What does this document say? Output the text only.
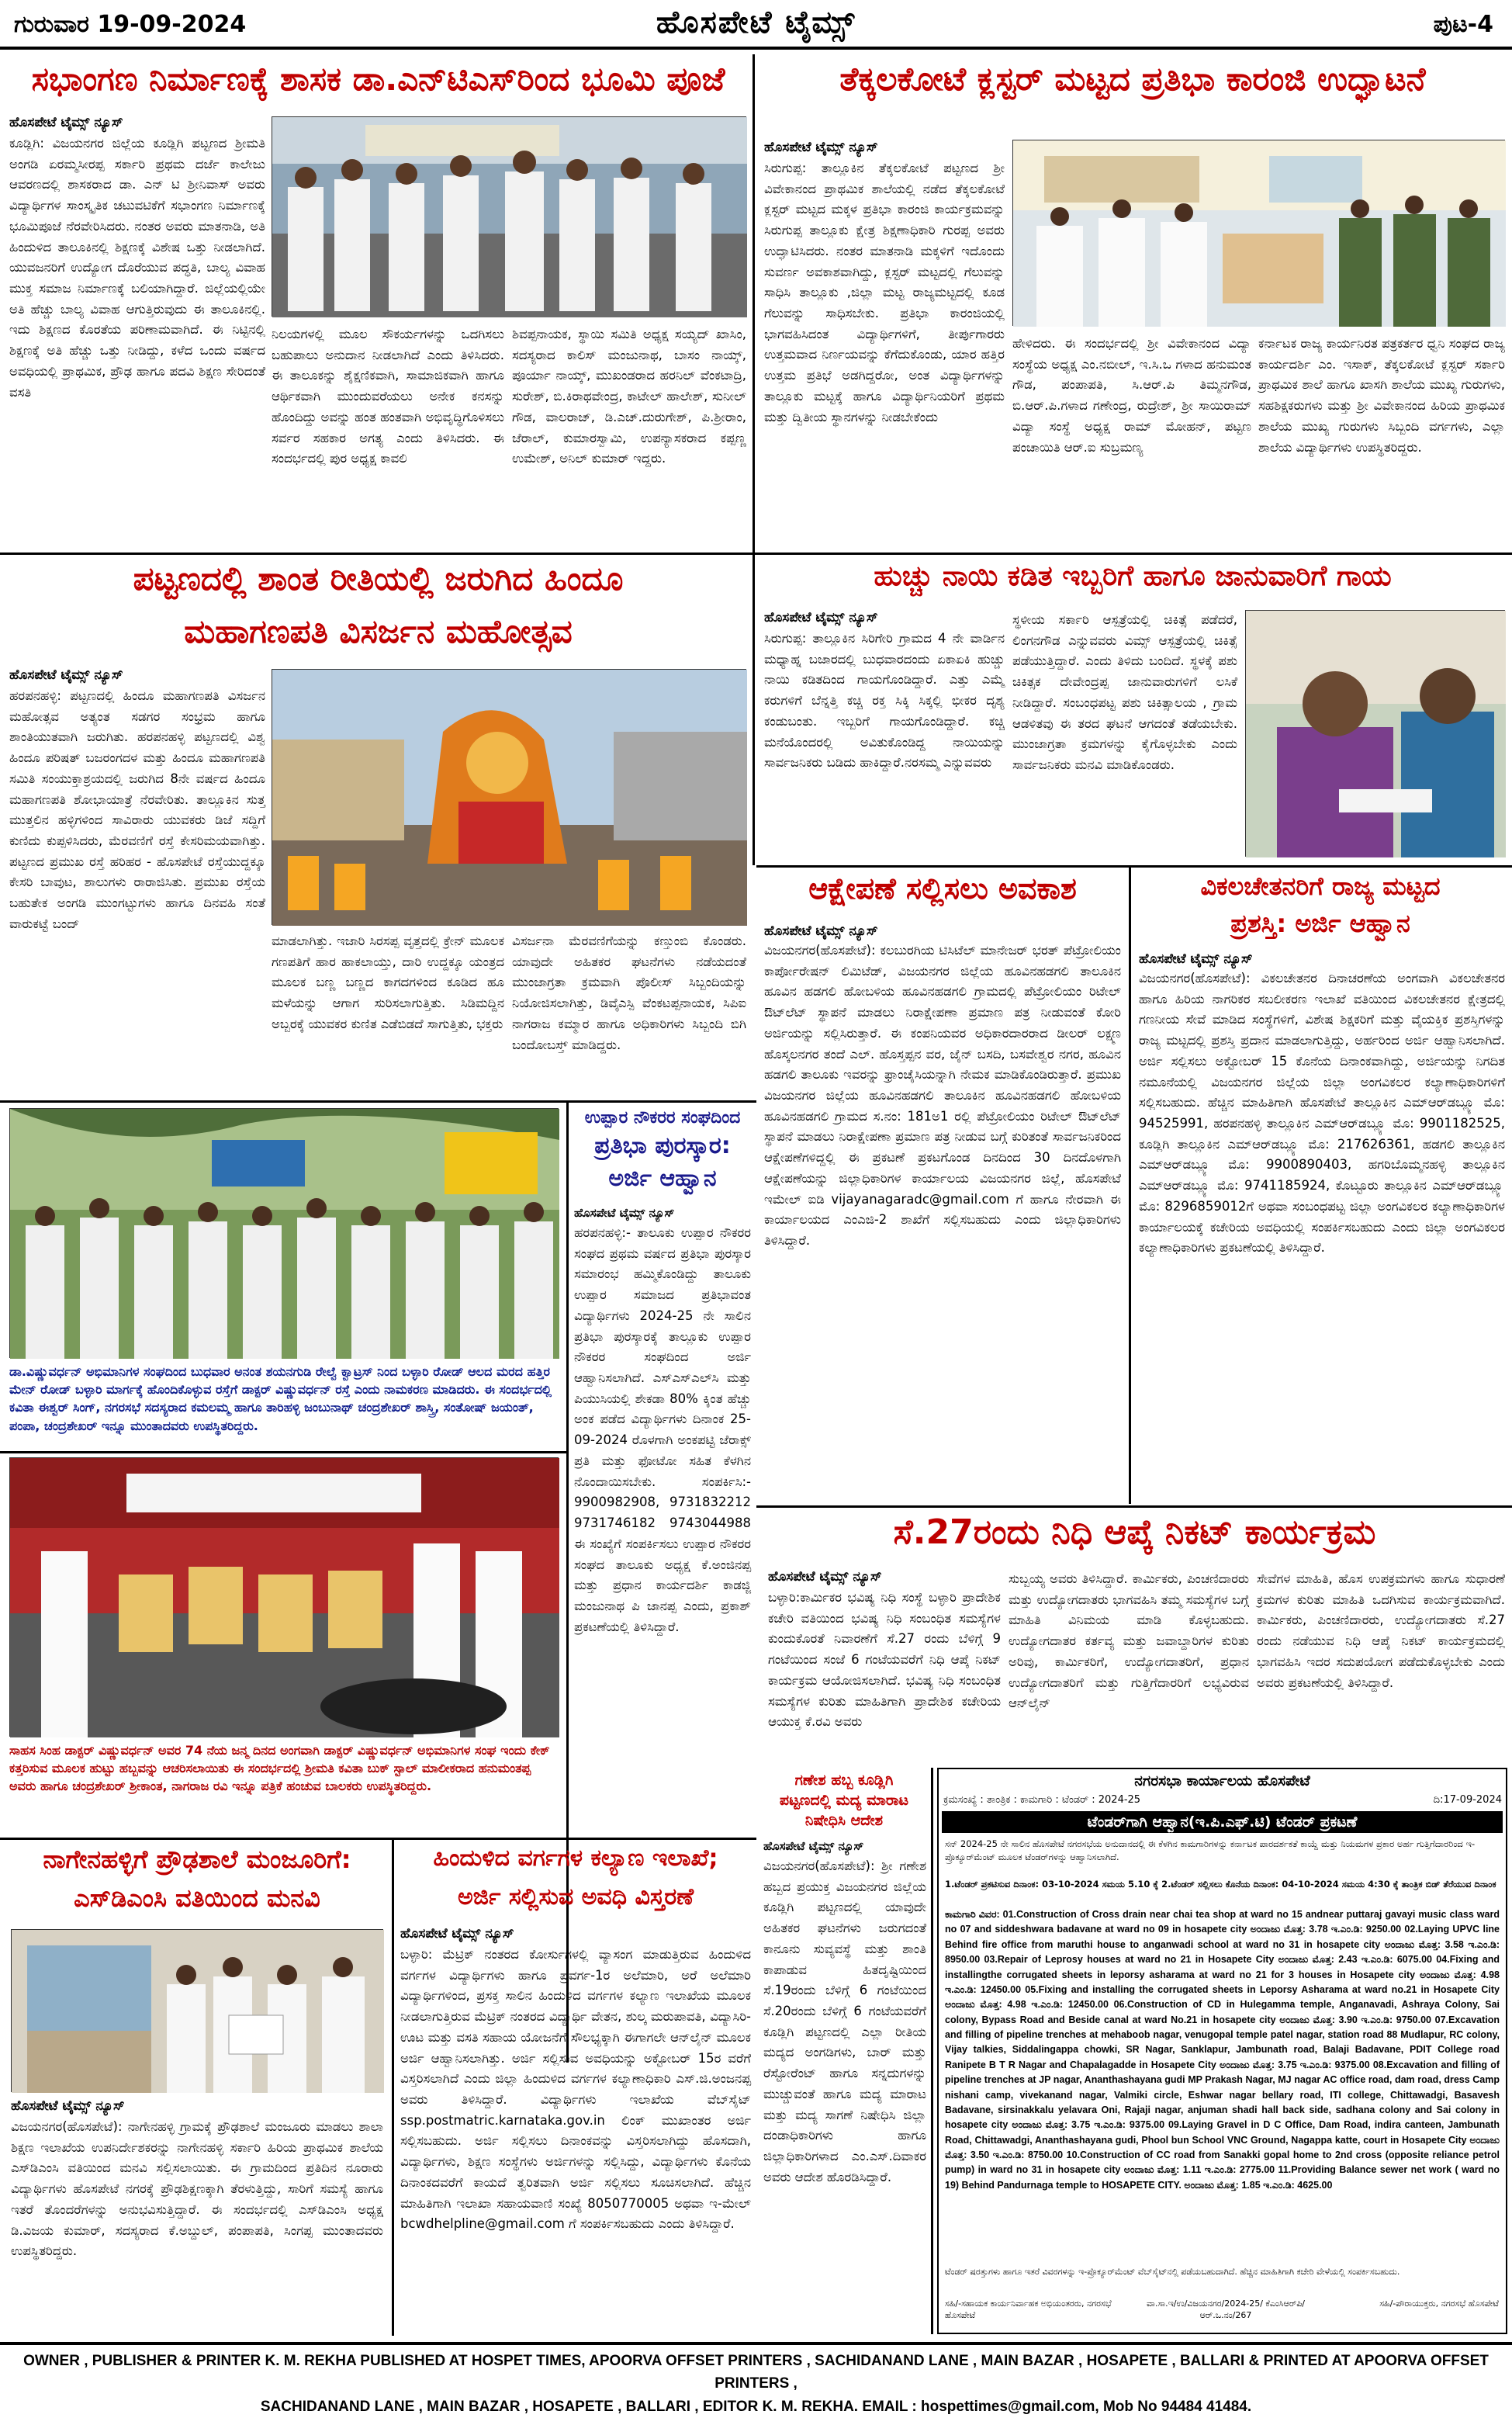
ಹೊಸಪೇಟೆ ಟೈಮ್ಸ್
ಗುರುವಾರ 19-09-2024	ಪುಟ-4
ಸಭಾಂಗಣ ನಿರ್ಮಾಣಕ್ಕೆ ಶಾಸಕ ಡಾ.ಎನ್‌ಟಿಎಸ್‌ರಿಂದ ಭೂಮಿ ಪೂಜೆ
ಹೊಸಪೇಟೆ ಟೈಮ್ಸ್ ನ್ಯೂಸ್
ಕೂಡ್ಲಿಗಿ: ವಿಜಯನಗರ ಜಿಲ್ಲೆಯ ಕೂಡ್ಲಿಗಿ ಪಟ್ಟಣದ ಶ್ರೀಮತಿ ಅಂಗಡಿ ಏರಮ್ಮಸೀರಪ್ಪ ಸರ್ಕಾರಿ ಪ್ರಥಮ ದರ್ಜೆ ಕಾಲೇಜು ಆವರಣದಲ್ಲಿ ಶಾಸಕರಾದ ಡಾ. ಎನ್ ಟಿ ಶ್ರೀನಿವಾಸ್ ಅವರು ವಿದ್ಯಾರ್ಥಿಗಳ ಸಾಂಸ್ಕೃತಿಕ ಚಟುವಟಿಕೆಗೆ ಸಭಾಂಗಣ ನಿರ್ಮಾಣಕ್ಕೆ ಭೂಮಿಪೂಜೆ ನೆರವೇರಿಸಿದರು. ನಂತರ ಅವರು ಮಾತನಾಡಿ, ಅತಿ ಹಿಂದುಳಿದ ತಾಲೂಕಿನಲ್ಲಿ ಶಿಕ್ಷಣಕ್ಕೆ ವಿಶೇಷ ಒತ್ತು ನೀಡಲಾಗಿದೆ. ಯುವಜನರಿಗೆ ಉದ್ಯೋಗ ದೊರೆಯುವ ಪದ್ಧತಿ, ಬಾಲ್ಯ ವಿವಾಹ ಮುಕ್ತ ಸಮಾಜ ನಿರ್ಮಾಣಕ್ಕೆ ಬಲಿಯಾಗಿದ್ದಾರೆ. ಜಿಲ್ಲೆಯಲ್ಲಿಯೇ ಅತಿ ಹೆಚ್ಚು ಬಾಲ್ಯ ವಿವಾಹ ಆಗುತ್ತಿರುವುದು ಈ ತಾಲೂಕಿನಲ್ಲಿ. ಇದು ಶಿಕ್ಷಣದ ಕೊರತೆಯ ಪರಿಣಾಮವಾಗಿದೆ. ಈ ನಿಟ್ಟಿನಲ್ಲಿ ಶಿಕ್ಷಣಕ್ಕೆ ಅತಿ ಹೆಚ್ಚು ಒತ್ತು ನೀಡಿದ್ದು, ಕಳೆದ ಒಂದು ವರ್ಷದ ಅವಧಿಯಲ್ಲಿ ಪ್ರಾಥಮಿಕ, ಪ್ರೌಢ ಹಾಗೂ ಪದವಿ ಶಿಕ್ಷಣ ಸೇರಿದಂತೆ ವಸತಿ
ನಿಲಯಗಳಲ್ಲಿ ಮೂಲ ಸೌಕರ್ಯಗಳನ್ನು ಒದಗಿಸಲು ಬಹುಪಾಲು ಅನುದಾನ ನೀಡಲಾಗಿದೆ ಎಂದು ತಿಳಿಸಿದರು. ಈ ತಾಲೂಕನ್ನು ಶೈಕ್ಷಣಿಕವಾಗಿ, ಸಾಮಾಜಿಕವಾಗಿ ಹಾಗೂ ಆರ್ಥಿಕವಾಗಿ ಮುಂದುವರೆಯಲು ಅನೇಕ ಕನಸನ್ನು ಹೊಂದಿದ್ದು ಅವನ್ನು ಹಂತ ಹಂತವಾಗಿ ಅಭಿವೃದ್ಧಿಗೊಳಿಸಲು ಸರ್ವರ ಸಹಕಾರ ಅಗತ್ಯ ಎಂದು ತಿಳಿಸಿದರು. ಈ ಸಂದರ್ಭದಲ್ಲಿ ಪುರ ಅಧ್ಯಕ್ಷ ಕಾವಲಿ
ಶಿವಪ್ಪನಾಯಕ, ಸ್ಥಾಯಿ ಸಮಿತಿ ಅಧ್ಯಕ್ಷ ಸಯ್ಯದ್ ಖಾಸಿಂ, ಸದಸ್ಯರಾದ ಕಾಲಿಸ್ ಮಂಜುನಾಥ, ಬಾಸಂ ನಾಯ್ಕ್, ಪೂರ್ಯಾ ನಾಯ್ಕ್, ಮುಖಂಡರಾದ ಹರನಿಲ್ ವೆಂಕಟಾದ್ರಿ, ಸುರೇಶ್, ಬಿ.ಕಿರಾಥವೇಂದ್ರ, ಕಾಟೇಲ್ ಹಾಲೇಶ್, ಸುನೀಲ್ ಗೌಡ, ವಾಲರಾಜ್, ಡಿ.ಎಚ್.ದುರುಗೇಶ್, ಪಿ.ಶ್ರೀರಾಂ, ಜೆರಾಲ್, ಕುಮಾರಸ್ವಾಮಿ, ಉಪನ್ಯಾಸಕರಾದ ಕಪ್ಪಣ್ಣ ಉಮೇಶ್, ಅನಿಲ್ ಕುಮಾರ್ ಇದ್ದರು.
ತೆಕ್ಕಲಕೋಟೆ ಕ್ಲಸ್ಟರ್ ಮಟ್ಟದ ಪ್ರತಿಭಾ ಕಾರಂಜಿ ಉದ್ಘಾಟನೆ
ಹೊಸಪೇಟೆ ಟೈಮ್ಸ್ ನ್ಯೂಸ್
ಸಿರುಗುಪ್ಪ: ತಾಲ್ಲೂಕಿನ ತೆಕ್ಕಲಕೋಟೆ ಪಟ್ಟಣದ ಶ್ರೀ ವಿವೇಕಾನಂದ ಪ್ರಾಥಮಿಕ ಶಾಲೆಯಲ್ಲಿ ನಡೆದ ತೆಕ್ಕಲಕೋಟೆ ಕ್ಲಸ್ಟರ್ ಮಟ್ಟದ ಮಕ್ಕಳ ಪ್ರತಿಭಾ ಕಾರಂಜಿ ಕಾರ್ಯಕ್ರಮವನ್ನು ಸಿರುಗುಪ್ಪ ತಾಲ್ಲೂಕು ಕ್ಷೇತ್ರ ಶಿಕ್ಷಣಾಧಿಕಾರಿ ಗುರಪ್ಪ ಅವರು ಉದ್ಘಾಟಿಸಿದರು. ನಂತರ ಮಾತನಾಡಿ ಮಕ್ಕಳಿಗೆ ಇದೊಂದು ಸುವರ್ಣ ಅವಕಾಶವಾಗಿದ್ದು, ಕ್ಲಸ್ಟರ್ ಮಟ್ಟದಲ್ಲಿ ಗೆಲುವನ್ನು ಸಾಧಿಸಿ ತಾಲ್ಲೂಕು ,ಜಿಲ್ಲಾ ಮಟ್ಟ ರಾಜ್ಯಮಟ್ಟದಲ್ಲಿ ಕೂಡ ಗೆಲುವನ್ನು ಸಾಧಿಸಬೇಕು. ಪ್ರತಿಭಾ ಕಾರಂಜಿಯಲ್ಲಿ ಭಾಗವಹಿಸಿದಂತ ವಿದ್ಯಾರ್ಥಿಗಳಿಗೆ, ತೀರ್ಪುಗಾರರು ಉತ್ತಮವಾದ ನಿರ್ಣಯವನ್ನು ಕೆಗೆದುಕೊಂಡು, ಯಾರ ಹತ್ತಿರ ಉತ್ತಮ ಪ್ರತಿಭೆ ಅಡಗಿದ್ದರೋ, ಅಂತ ವಿದ್ಯಾರ್ಥಿಗಳನ್ನು ತಾಲ್ಲೂಕು ಮಟ್ಟಕ್ಕೆ ಹಾಗೂ ವಿದ್ಯಾರ್ಥಿನಿಯರಿಗೆ ಪ್ರಥಮ ಮತ್ತು ದ್ವಿತೀಯ ಸ್ಥಾನಗಳನ್ನು ನೀಡಬೇಕೆಂದು
ಹೇಳಿದರು. ಈ ಸಂದರ್ಭದಲ್ಲಿ ಶ್ರೀ ವಿವೇಕಾನಂದ ವಿದ್ಯಾ ಸಂಸ್ಥೆಯ ಅಧ್ಯಕ್ಷ ಎಂ.ನಬೀಲ್, ಇ.ಸಿ.ಒ ಗಳಾದ ಹನುಮಂತ ಗೌಡ, ಪಂಪಾಪತಿ, ಸಿ.ಆರ್.ಪಿ ತಿಮ್ಮನಗೌಡ, ಬಿ.ಆರ್.ಪಿ.ಗಳಾದ ಗಣೇಂದ್ರ, ರುದ್ರೇಶ್, ಶ್ರೀ ಸಾಯಿರಾಮ್ ವಿದ್ಯಾ ಸಂಸ್ಥೆ ಅಧ್ಯಕ್ಷ ರಾಮ್ ಮೋಹನ್, ಪಟ್ಟಣ ಪಂಚಾಯಿತಿ ಆರ್.ಐ ಸುಬ್ರಮಣ್ಯ
ಕರ್ನಾಟಕ ರಾಜ್ಯ ಕಾರ್ಯನಿರತ ಪತ್ರಕರ್ತರ ಧ್ವನಿ ಸಂಘದ ರಾಜ್ಯ ಕಾರ್ಯದರ್ಶಿ ಎಂ. ಇಸಾಕ್, ತೆಕ್ಕಲಕೋಟೆ ಕ್ಲಸ್ಟರ್ ಸರ್ಕಾರಿ ಪ್ರಾಥಮಿಕ ಶಾಲೆ ಹಾಗೂ ಖಾಸಗಿ ಶಾಲೆಯ ಮುಖ್ಯ ಗುರುಗಳು, ಸಹಶಿಕ್ಷಕರುಗಳು ಮತ್ತು ಶ್ರೀ ವಿವೇಕಾನಂದ ಹಿರಿಯ ಪ್ರಾಥಮಿಕ ಶಾಲೆಯ ಮುಖ್ಯ ಗುರುಗಳು ಸಿಬ್ಬಂದಿ ವರ್ಗಗಳು, ಎಲ್ಲಾ ಶಾಲೆಯ ವಿದ್ಯಾರ್ಥಿಗಳು ಉಪಸ್ಥಿತರಿದ್ದರು.
ಪಟ್ಟಣದಲ್ಲಿ ಶಾಂತ ರೀತಿಯಲ್ಲಿ ಜರುಗಿದ ಹಿಂದೂ
ಮಹಾಗಣಪತಿ ವಿಸರ್ಜನ ಮಹೋತ್ಸವ
ಹೊಸಪೇಟೆ ಟೈಮ್ಸ್ ನ್ಯೂಸ್
ಹರಪನಹಳ್ಳಿ: ಪಟ್ಟಣದಲ್ಲಿ ಹಿಂದೂ ಮಹಾಗಣಪತಿ ವಿಸರ್ಜನ ಮಹೋತ್ಸವ ಅತ್ಯಂತ ಸಡಗರ ಸಂಭ್ರಮ ಹಾಗೂ ಶಾಂತಿಯುತವಾಗಿ ಜರುಗಿತು. ಹರಪನಹಳ್ಳಿ ಪಟ್ಟಣದಲ್ಲಿ ವಿಶ್ವ ಹಿಂದೂ ಪರಿಷತ್ ಬಜರಂಗದಳ ಮತ್ತು ಹಿಂದೂ ಮಹಾಗಣಪತಿ ಸಮಿತಿ ಸಂಯುಕ್ತಾಶ್ರಯದಲ್ಲಿ ಜರುಗಿದ 8ನೇ ವರ್ಷದ ಹಿಂದೂ ಮಹಾಗಣಪತಿ ಶೋಭಾಯಾತ್ರೆ ನೆರವೇರಿತು. ತಾಲ್ಲೂಕಿನ ಸುತ್ತ ಮುತ್ತಲಿನ ಹಳ್ಳಿಗಳಿಂದ ಸಾವಿರಾರು ಯುವಕರು ಡಿಜೆ ಸದ್ದಿಗೆ ಕುಣಿದು ಕುಪ್ಪಳಿಸಿದರು, ಮೆರವಣಿಗೆ ರಸ್ತೆ ಕೇಸರಿಮಯವಾಗಿತ್ತು. ಪಟ್ಟಣದ ಪ್ರಮುಖ ರಸ್ತೆ ಹರಿಹರ - ಹೊಸಪೇಟೆ ರಸ್ತೆಯುದ್ದಕ್ಕೂ ಕೇಸರಿ ಬಾವುಟ, ಶಾಲುಗಳು ರಾರಾಜಿಸಿತು. ಪ್ರಮುಖ ರಸ್ತೆಯ ಬಹುತೇಕ ಅಂಗಡಿ ಮುಂಗಟ್ಟುಗಳು ಹಾಗೂ ದಿನವಹಿ ಸಂತೆ ವಾರುಕಟ್ಟೆ ಬಂದ್
ಮಾಡಲಾಗಿತ್ತು. ಇಜಾರಿ ಸಿರಸಪ್ಪ ವೃತ್ತದಲ್ಲಿ ಕ್ರೇನ್ ಮೂಲಕ ಗಣಪತಿಗೆ ಹಾರ ಹಾಕಲಾಯ್ತು, ದಾರಿ ಉದ್ದಕ್ಕೂ ಯಂತ್ರದ ಮೂಲಕ ಬಣ್ಣ ಬಣ್ಣದ ಕಾಗದಗಳಿಂದ ಕೂಡಿದ ಹೂ ಮಳೆಯನ್ನು ಆಗಾಗ ಸುರಿಸಲಾಗುತ್ತಿತು. ಸಿಡಿಮದ್ದಿನ ಅಬ್ಬರಕ್ಕೆ ಯುವಕರ ಕುಣಿತ ಎಡೆಬಿಡದೆ ಸಾಗುತ್ತಿತು, ಭಕ್ತರು
ವಿಸರ್ಜನಾ ಮೆರವಣಿಗೆಯನ್ನು ಕಣ್ತುಂಬಿ ಕೊಂಡರು. ಯಾವುದೇ ಅಹಿತಕರ ಘಟನೆಗಳು ನಡೆಯದಂತೆ ಮುಂಜಾಗ್ರತಾ ಕ್ರಮವಾಗಿ ಪೊಲೀಸ್ ಸಿಬ್ಬಂದಿಯನ್ನು ನಿಯೋಜಿಸಲಾಗಿತ್ತು, ಡಿವೈಎಸ್ಪಿ ವೆಂಕಟಪ್ಪನಾಯಕ, ಸಿಪಿಐ ನಾಗರಾಜ ಕಮ್ಮಾರ ಹಾಗೂ ಅಧಿಕಾರಿಗಳು ಸಿಬ್ಬಂದಿ ಬಿಗಿ ಬಂದೋಬಸ್ತ್ ಮಾಡಿದ್ದರು.
ಹುಚ್ಚು ನಾಯಿ ಕಡಿತ ಇಬ್ಬರಿಗೆ ಹಾಗೂ ಜಾನುವಾರಿಗೆ ಗಾಯ
ಹೊಸಪೇಟೆ ಟೈಮ್ಸ್ ನ್ಯೂಸ್
ಸಿರುಗುಪ್ಪ: ತಾಲ್ಲೂಕಿನ ಸಿರಿಗೇರಿ ಗ್ರಾಮದ 4 ನೇ ವಾರ್ಡಿನ ಮಧ್ಯಾಹ್ನ ಬಜಾರದಲ್ಲಿ ಬುಧವಾರದಂದು ಏಕಾಏಕಿ ಹುಚ್ಚು ನಾಯಿ ಕಡಿತದಿಂದ ಗಾಯಗೊಂಡಿದ್ದಾರೆ. ಎತ್ತು ಎಮ್ಮೆ ಕರುಗಳಿಗೆ ಬೆನ್ನತ್ತಿ ಕಚ್ಚಿ ರಕ್ತ ಸಿಕ್ಕಿ ಸಿಕ್ಕಲ್ಲಿ ಭೀಕರ ದೃಶ್ಯ ಕಂಡುಬಂತು. ಇಬ್ಬರಿಗೆ ಗಾಯಗೊಂಡಿದ್ದಾರೆ. ಕಚ್ಚಿ ಮನೆಯೊಂದರಲ್ಲಿ ಅವಿತುಕೊಂಡಿದ್ದ ನಾಯಿಯನ್ನು ಸಾರ್ವಜನಿಕರು ಬಡಿದು ಹಾಕಿದ್ದಾರೆ.ನರಸಮ್ಮ ಎನ್ನುವವರು
ಸ್ಥಳೀಯ ಸರ್ಕಾರಿ ಆಸ್ಪತ್ರೆಯಲ್ಲಿ ಚಿಕಿತ್ಸೆ ಪಡೆದರೆ, ಲಿಂಗನಗೌಡ ಎನ್ನುವವರು ವಿಮ್ಸ್ ಆಸ್ಪತ್ರೆಯಲ್ಲಿ ಚಿಕಿತ್ಸೆ ಪಡೆಯುತ್ತಿದ್ದಾರೆ. ಎಂದು ತಿಳಿದು ಬಂದಿದೆ. ಸ್ಥಳಕ್ಕೆ ಪಶು ಚಿಕಿತ್ಸಕ ದೇವೇಂದ್ರಪ್ಪ ಜಾನುವಾರುಗಳಿಗೆ ಲಸಿಕೆ ನೀಡಿದ್ದಾರೆ. ಸಂಬಂಧಪಟ್ಟ ಪಶು ಚಿಕಿತ್ಸಾಲಯ , ಗ್ರಾಮ ಆಡಳಿತವು ಈ ತರದ ಘಟನೆ ಆಗದಂತೆ ತಡೆಯಬೇಕು. ಮುಂಜಾಗ್ರತಾ ಕ್ರಮಗಳನ್ನು ಕೈಗೊಳ್ಳಬೇಕು ಎಂದು ಸಾರ್ವಜನಿಕರು ಮನವಿ ಮಾಡಿಕೊಂಡರು.
ಆಕ್ಷೇಪಣೆ ಸಲ್ಲಿಸಲು ಅವಕಾಶ
ಹೊಸಪೇಟೆ ಟೈಮ್ಸ್ ನ್ಯೂಸ್
ವಿಜಯನಗರ(ಹೊಸಪೇಟೆ): ಕಲಬುರಗಿಯ ಟಿಸಿಟೆಲ್ ಮಾನೇಜರ್ ಭರತ್ ಪೆಟ್ರೋಲಿಯಂ ಕಾರ್ಪೋರೇಷನ್ ಲಿಮಿಟೆಡ್, ವಿಜಯನಗರ ಜಿಲ್ಲೆಯ ಹೂವಿನಹಡಗಲಿ ತಾಲೂಕಿನ ಹೂವಿನ ಹಡಗಲಿ ಹೋಬಳಿಯ ಹೂವಿನಹಡಗಲಿ ಗ್ರಾಮದಲ್ಲಿ ಪೆಟ್ರೋಲಿಯಂ ರಿಟೇಲ್ ಔಟ್‌ಲೆಟ್ ಸ್ಥಾಪನೆ ಮಾಡಲು ನಿರಾಕ್ಷೇಪಣಾ ಪ್ರಮಾಣ ಪತ್ರ ನೀಡುವಂತೆ ಕೋರಿ ಅರ್ಜಿಯನ್ನು ಸಲ್ಲಿಸಿರುತ್ತಾರೆ. ಈ ಕಂಪನಿಯವರ ಅಧಿಕಾರದಾರರಾದ ಡೀಲರ್ ಲಕ್ಷ್ಮಣ ಹೊಸ್ಕಲನಗರ ತಂದೆ ಎಲ್. ಹೊಸ್ತಪ್ಪನ ವರ, ಜೈನ್ ಬಸದಿ, ಬಸವೇಶ್ವರ ನಗರ, ಹೂವಿನ ಹಡಗಲಿ ತಾಲೂಕು ಇವರನ್ನು ಫ್ರಾಂಚೈಸಿಯನ್ನಾಗಿ ನೇಮಕ ಮಾಡಿಕೊಂಡಿರುತ್ತಾರೆ. ಪ್ರಮುಖ ವಿಜಯನಗರ ಜಿಲ್ಲೆಯ ಹೂವಿನಹಡಗಲಿ ತಾಲೂಕಿನ ಹೂವಿನಹಡಗಲಿ ಹೋಬಳಿಯ ಹೂವಿನಹಡಗಲಿ ಗ್ರಾಮದ ಸ.ನಂ: 181ಅ1 ರಲ್ಲಿ ಪೆಟ್ರೋಲಿಯಂ ರಿಟೇಲ್ ಔಟ್‌ಲೆಟ್ ಸ್ಥಾಪನೆ ಮಾಡಲು ನಿರಾಕ್ಷೇಪಣಾ ಪ್ರಮಾಣ ಪತ್ರ ನೀಡುವ ಬಗ್ಗೆ ಕುರಿತಂತೆ ಸಾರ್ವಜನಿಕರಿಂದ ಆಕ್ಷೇಪಣೆಗಳಿದ್ದಲ್ಲಿ ಈ ಪ್ರಕಟಣೆ ಪ್ರಕಟಗೊಂಡ ದಿನದಿಂದ 30 ದಿನದೊಳಗಾಗಿ ಆಕ್ಷೇಪಣೆಯನ್ನು ಜಿಲ್ಲಾಧಿಕಾರಿಗಳ ಕಾರ್ಯಾಲಯ ವಿಜಯನಗರ ಜಿಲ್ಲೆ, ಹೊಸಪೇಟೆ ಇಮೇಲ್ ಐಡಿ vijayanagaradc@gmail.com ಗೆ ಹಾಗೂ ನೇರವಾಗಿ ಈ ಕಾರ್ಯಾಲಯದ ಎಂಎಜಿ-2 ಶಾಖೆಗೆ ಸಲ್ಲಿಸಬಹುದು ಎಂದು ಜಿಲ್ಲಾಧಿಕಾರಿಗಳು ತಿಳಿಸಿದ್ದಾರೆ.
ವಿಕಲಚೇತನರಿಗೆ ರಾಜ್ಯ ಮಟ್ಟದ
ಪ್ರಶಸ್ತಿ: ಅರ್ಜಿ ಆಹ್ವಾನ
ಹೊಸಪೇಟೆ ಟೈಮ್ಸ್ ನ್ಯೂಸ್
ವಿಜಯನಗರ(ಹೊಸಪೇಟೆ): ವಿಕಲಚೇತನರ ದಿನಾಚರಣೆಯ ಅಂಗವಾಗಿ ವಿಕಲಚೇತನರ ಹಾಗೂ ಹಿರಿಯ ನಾಗರಿಕರ ಸಬಲೀಕರಣ ಇಲಾಖೆ ವತಿಯಿಂದ ವಿಕಲಚೇತನರ ಕ್ಷೇತ್ರದಲ್ಲಿ ಗಣನೀಯ ಸೇವೆ ಮಾಡಿದ ಸಂಸ್ಥೆಗಳಿಗೆ, ವಿಶೇಷ ಶಿಕ್ಷಕರಿಗೆ ಮತ್ತು ವೈಯಕ್ತಿಕ ಪ್ರಶಸ್ತಿಗಳನ್ನು ರಾಜ್ಯ ಮಟ್ಟದಲ್ಲಿ ಪ್ರಶಸ್ತಿ ಪ್ರದಾನ ಮಾಡಲಾಗುತ್ತಿದ್ದು, ಅರ್ಹರಿಂದ ಅರ್ಜಿ ಆಹ್ವಾನಿಸಲಾಗಿದೆ. ಅರ್ಜಿ ಸಲ್ಲಿಸಲು ಅಕ್ಟೋಬರ್ 15 ಕೊನೆಯ ದಿನಾಂಕವಾಗಿದ್ದು, ಅರ್ಜಿಯನ್ನು ನಿಗದಿತ ನಮೂನೆಯಲ್ಲಿ ವಿಜಯನಗರ ಜಿಲ್ಲೆಯ ಜಿಲ್ಲಾ ಅಂಗವಿಕಲರ ಕಲ್ಯಾಣಾಧಿಕಾರಿಗಳಿಗೆ ಸಲ್ಲಿಸಬಹುದು. ಹೆಚ್ಚಿನ ಮಾಹಿತಿಗಾಗಿ ಹೊಸಪೇಟೆ ತಾಲ್ಲೂಕಿನ ಎಮ್‌ಆರ್‌ಡಬ್ಲ್ಯೂ ಮೊ: 94525991, ಹರಪನಹಳ್ಳಿ ತಾಲ್ಲೂಕಿನ ಎಮ್‌ಆರ್‌ಡಬ್ಲ್ಯೂ ಮೊ: 9901182525, ಕೂಡ್ಲಿಗಿ ತಾಲ್ಲೂಕಿನ ಎಮ್‌ಆರ್‌ಡಬ್ಲ್ಯೂ ಮೊ: 217626361, ಹಡಗಲಿ ತಾಲ್ಲೂಕಿನ ಎಮ್‌ಆರ್‌ಡಬ್ಲ್ಯೂ ಮೊ: 9900890403, ಹಗರಿಬೊಮ್ಮನಹಳ್ಳಿ ತಾಲ್ಲೂಕಿನ ಎಮ್‌ಆರ್‌ಡಬ್ಲ್ಯೂ ಮೊ: 9741185924, ಕೊಟ್ಟೂರು ತಾಲ್ಲೂಕಿನ ಎಮ್‌ಆರ್‌ಡಬ್ಲ್ಯೂ ಮೊ: 8296859012ಗೆ ಅಥವಾ ಸಂಬಂಧಪಟ್ಟ ಜಿಲ್ಲಾ ಅಂಗವಿಕಲರ ಕಲ್ಯಾಣಾಧಿಕಾರಿಗಳ ಕಾರ್ಯಾಲಯಕ್ಕೆ ಕಚೇರಿಯ ಅವಧಿಯಲ್ಲಿ ಸಂಪರ್ಕಿಸಬಹುದು ಎಂದು ಜಿಲ್ಲಾ ಅಂಗವಿಕಲರ ಕಲ್ಯಾಣಾಧಿಕಾರಿಗಳು ಪ್ರಕಟಣೆಯಲ್ಲಿ ತಿಳಿಸಿದ್ದಾರೆ.
ಡಾ.ವಿಷ್ಣುವರ್ಧನ್ ಅಭಿಮಾನಿಗಳ ಸಂಘದಿಂದ ಬುಧವಾರ ಅನಂತ ಶಯನಗುಡಿ ರೇಲ್ವೆ ಕ್ವಾಟ್ರಸ್ ನಿಂದ ಬಳ್ಳಾರಿ ರೋಡ್ ಆಲದ ಮರದ ಹತ್ತಿರ ಮೇನ್ ರೋಡ್ ಬಳ್ಳಾರಿ ಮಾರ್ಗಕ್ಕೆ ಹೊಂದಿಕೊಳ್ಳುವ ರಸ್ತೆಗೆ ಡಾಕ್ಟರ್ ವಿಷ್ಣುವರ್ಧನ್ ರಸ್ತೆ ಎಂದು ನಾಮಕರಣ ಮಾಡಿದರು. ಈ ಸಂದರ್ಭದಲ್ಲಿ ಕವಿತಾ ಈಶ್ವರ್ ಸಿಂಗ್, ನಗರಸಭೆ ಸದಸ್ಯರಾದ ಕಮಲಮ್ಮ ಹಾಗೂ ತಾರಿಹಳ್ಳಿ ಜಂಬುನಾಥ್ ಚಂದ್ರಶೇಖರ್ ಶಾಸ್ತ್ರಿ, ಸಂತೋಷ್ ಜಯಂತ್, ಪಂಪಾ, ಚಂದ್ರಶೇಖರ್ ಇನ್ನೂ ಮುಂತಾದವರು ಉಪಸ್ಥಿತರಿದ್ದರು.
ಸಾಹಸ ಸಿಂಹ ಡಾಕ್ಟರ್ ವಿಷ್ಣುವರ್ಧನ್ ಅವರ 74 ನೆಯ ಜನ್ಮ ದಿನದ ಅಂಗವಾಗಿ ಡಾಕ್ಟರ್ ವಿಷ್ಣುವರ್ಧನ್ ಅಭಿಮಾನಿಗಳ ಸಂಘ ಇಂದು ಕೇಕ್ ಕತ್ತರಿಸುವ ಮೂಲಕ ಹುಟ್ಟು ಹಬ್ಬವನ್ನು ಆಚರಿಸಲಾಯಿತು ಈ ಸಂದರ್ಭದಲ್ಲಿ ಶ್ರೀಮತಿ ಕವಿತಾ ಬುಕ್ ಸ್ಟಾಲ್ ಮಾಲೀಕರಾದ ಹನುಮಂತಪ್ಪ ಅವರು ಹಾಗೂ ಚಂದ್ರಶೇಖರ್ ಶ್ರೀಕಾಂತ, ನಾಗರಾಜ ರವಿ ಇನ್ನೂ ಪತ್ರಿಕೆ ಹಂಚುವ ಬಾಲಕರು ಉಪಸ್ಥಿತರಿದ್ದರು.
ಉಪ್ಪಾರ ನೌಕರರ ಸಂಘದಿಂದ
ಪ್ರತಿಭಾ ಪುರಸ್ಕಾರ:
ಅರ್ಜಿ ಆಹ್ವಾನ
ಹೊಸಪೇಟೆ ಟೈಮ್ಸ್ ನ್ಯೂಸ್
ಹರಪನಹಳ್ಳಿ:- ತಾಲೂಕು ಉಪ್ಪಾರ ನೌಕರರ ಸಂಘದ ಪ್ರಥಮ ವರ್ಷದ ಪ್ರತಿಭಾ ಪುರಸ್ಕಾರ ಸಮಾರಂಭ ಹಮ್ಮಿಕೊಂಡಿದ್ದು ತಾಲೂಕು ಉಪ್ಪಾರ ಸಮಾಜದ ಪ್ರತಿಭಾವಂತ ವಿದ್ಯಾರ್ಥಿಗಳು 2024-25 ನೇ ಸಾಲಿನ ಪ್ರತಿಭಾ ಪುರಸ್ಕಾರಕ್ಕೆ ತಾಲ್ಲೂಕು ಉಪ್ಪಾರ ನೌಕರರ ಸಂಘದಿಂದ ಅರ್ಜಿ ಆಹ್ವಾನಿಸಲಾಗಿದೆ. ಎಸ್‌ಎಸ್‌ಎಲ್‌ಸಿ ಮತ್ತು ಪಿಯುಸಿಯಲ್ಲಿ ಶೇಕಡಾ 80% ಕ್ಕಿಂತ ಹೆಚ್ಚು ಅಂಕ ಪಡೆದ ವಿದ್ಯಾರ್ಥಿಗಳು ದಿನಾಂಕ 25-09-2024 ರೊಳಗಾಗಿ ಅಂಕಪಟ್ಟಿ ಜೆರಾಕ್ಸ್ ಪ್ರತಿ ಮತ್ತು ಫೋಟೋ ಸಹಿತ ಕೆಳಗಿನ ನೊಂದಾಯಿಸಬೇಕು. ಸಂಪರ್ಕಿಸಿ:- 9900982908, 9731832212 9731746182 9743044988 ಈ ಸಂಖ್ಯೆಗೆ ಸಂಪರ್ಕಿಸಲು ಉಪ್ಪಾರ ನೌಕರರ ಸಂಘದ ತಾಲೂಕು ಅಧ್ಯಕ್ಷ ಕೆ.ಅಂಜಿನಪ್ಪ ಮತ್ತು ಪ್ರಧಾನ ಕಾರ್ಯದರ್ಶಿ ಕಾಡಜ್ಜಿ ಮಂಜುನಾಥ ಪಿ ಜಾನಪ್ಪ ಎಂದು, ಪ್ರಕಾಶ್ ಪ್ರಕಟಣೆಯಲ್ಲಿ ತಿಳಿಸಿದ್ದಾರೆ.
ಸೆ.27ರಂದು ನಿಧಿ ಆಪ್ಕೆ ನಿಕಟ್ ಕಾರ್ಯಕ್ರಮ
ಹೊಸಪೇಟೆ ಟೈಮ್ಸ್ ನ್ಯೂಸ್
ಬಳ್ಳಾರಿ:ಕಾರ್ಮಿಕರ ಭವಿಷ್ಯ ನಿಧಿ ಸಂಸ್ಥೆ ಬಳ್ಳಾರಿ ಪ್ರಾದೇಶಿಕ ಕಚೇರಿ ವತಿಯಿಂದ ಭವಿಷ್ಯ ನಿಧಿ ಸಂಬಂಧಿತ ಸಮಸ್ಯೆಗಳ ಕುಂದುಕೊರತೆ ನಿವಾರಣೆಗೆ ಸೆ.27 ರಂದು ಬೆಳಿಗ್ಗೆ 9 ಗಂಟೆಯಿಂದ ಸಂಜೆ 6 ಗಂಟೆಯವರೆಗೆ ನಿಧಿ ಆಪ್ಕೆ ನಿಕಟ್ ಕಾರ್ಯಕ್ರಮ ಆಯೋಜಿಸಲಾಗಿದೆ. ಭವಿಷ್ಯ ನಿಧಿ ಸಂಬಂಧಿತ ಸಮಸ್ಯೆಗಳ ಕುರಿತು ಮಾಹಿತಿಗಾಗಿ ಪ್ರಾದೇಶಿಕ ಕಚೇರಿಯ ಆಯುಕ್ತ ಕೆ.ರವಿ ಅವರು
ಸುಬ್ಬಯ್ಯ ಅವರು ತಿಳಿಸಿದ್ದಾರೆ. ಕಾರ್ಮಿಕರು, ಪಿಂಚಣಿದಾರರು ಮತ್ತು ಉದ್ಯೋಗದಾತರು ಭಾಗವಹಿಸಿ ತಮ್ಮ ಸಮಸ್ಯೆಗಳ ಬಗ್ಗೆ ಮಾಹಿತಿ ವಿನಿಮಯ ಮಾಡಿ ಕೊಳ್ಳಬಹುದು. ಉದ್ಯೋಗದಾತರ ಕರ್ತವ್ಯ ಮತ್ತು ಜವಾಬ್ದಾರಿಗಳ ಕುರಿತು ಅರಿವು, ಕಾರ್ಮಿಕರಿಗೆ, ಉದ್ಯೋಗದಾತರಿಗೆ, ಪ್ರಧಾನ ಉದ್ಯೋಗದಾತರಿಗೆ ಮತ್ತು ಗುತ್ತಿಗೆದಾರರಿಗೆ ಲಭ್ಯವಿರುವ ಆನ್‌ಲೈನ್
ಸೇವೆಗಳ ಮಾಹಿತಿ, ಹೊಸ ಉಪಕ್ರಮಗಳು ಹಾಗೂ ಸುಧಾರಣೆ ಕ್ರಮಗಳ ಕುರಿತು ಮಾಹಿತಿ ಒದಗಿಸುವ ಕಾರ್ಯಕ್ರಮವಾಗಿದೆ. ಕಾರ್ಮಿಕರು, ಪಿಂಚಣಿದಾರರು, ಉದ್ಯೋಗದಾತರು ಸೆ.27 ರಂದು ನಡೆಯುವ ನಿಧಿ ಆಪ್ಕೆ ನಿಕಟ್ ಕಾರ್ಯಕ್ರಮದಲ್ಲಿ ಭಾಗವಹಿಸಿ ಇದರ ಸದುಪಯೋಗ ಪಡೆದುಕೊಳ್ಳಬೇಕು ಎಂದು ಅವರು ಪ್ರಕಟಣೆಯಲ್ಲಿ ತಿಳಿಸಿದ್ದಾರೆ.
ಗಣೇಶ ಹಬ್ಬ ಕೂಡ್ಲಿಗಿ
ಪಟ್ಟಣದಲ್ಲಿ ಮದ್ಯ ಮಾರಾಟ
ನಿಷೇಧಿಸಿ ಆದೇಶ
ಹೊಸಪೇಟೆ ಟೈಮ್ಸ್ ನ್ಯೂಸ್
ವಿಜಯನಗರ(ಹೊಸಪೇಟೆ): ಶ್ರೀ ಗಣೇಶ ಹಬ್ಬದ ಪ್ರಯುಕ್ತ ವಿಜಯನಗರ ಜಿಲ್ಲೆಯ ಕೂಡ್ಲಿಗಿ ಪಟ್ಟಣದಲ್ಲಿ ಯಾವುದೇ ಅಹಿತಕರ ಘಟನೆಗಳು ಜರುಗದಂತೆ ಕಾನೂನು ಸುವ್ಯವಸ್ಥೆ ಮತ್ತು ಶಾಂತಿ ಕಾಪಾಡುವ ಹಿತದೃಷ್ಟಿಯಿಂದ ಸೆ.19ರಂದು ಬೆಳಿಗ್ಗೆ 6 ಗಂಟೆಯಿಂದ ಸೆ.20ರಂದು ಬೆಳಿಗ್ಗೆ 6 ಗಂಟೆಯವರೆಗೆ ಕೂಡ್ಲಿಗಿ ಪಟ್ಟಣದಲ್ಲಿ ಎಲ್ಲಾ ರೀತಿಯ ಮದ್ಯದ ಅಂಗಡಿಗಳು, ಬಾರ್ ಮತ್ತು ರೆಸ್ಟೋರೆಂಟ್ ಹಾಗೂ ಸನ್ನದುಗಳನ್ನು ಮುಚ್ಚುವಂತೆ ಹಾಗೂ ಮದ್ಯ ಮಾರಾಟ ಮತ್ತು ಮದ್ಯ ಸಾಗಣೆ ನಿಷೇಧಿಸಿ ಜಿಲ್ಲಾ ದಂಡಾಧಿಕಾರಿಗಳು ಹಾಗೂ ಜಿಲ್ಲಾಧಿಕಾರಿಗಳಾದ ಎಂ.ಎಸ್.ದಿವಾಕರ ಅವರು ಆದೇಶ ಹೊರಡಿಸಿದ್ದಾರೆ.
ನಗರಸಭಾ ಕಾರ್ಯಾಲಯ ಹೊಸಪೇಟೆ
ಕ್ರಮಸಂಖ್ಯೆ : ತಾಂತ್ರಿಕ : ಕಾಮಗಾರಿ : ಟೆಂಡರ್ : 2024-25	ದಿ:17-09-2024
ಟೆಂಡರ್‌ಗಾಗಿ ಆಹ್ವಾನ(ಇ.ಪಿ.ಎಫ್.ಟಿ) ಟೆಂಡರ್ ಪ್ರಕಟಣೆ
ಸನ್ 2024-25 ನೇ ಸಾಲಿನ ಹೊಸಪೇಟೆ ನಗರಸಭೆಯ ಅನುದಾನದಲ್ಲಿ ಈ ಕೆಳಗಿನ ಕಾಮಗಾರಿಗಳನ್ನು ಕರ್ನಾಟಕ ಪಾರದರ್ಶಕತೆ ಕಾಯ್ದೆ ಮತ್ತು ನಿಯಮಗಳ ಪ್ರಕಾರ ಅರ್ಹ ಗುತ್ತಿಗೆದಾರರಿಂದ ಇ-ಪ್ರೊಕ್ಯೂರ್‌ಮೆಂಟ್ ಮೂಲಕ ಟೆಂಡರ್‌ಗಳನ್ನು ಆಹ್ವಾನಿಸಲಾಗಿದೆ.
1.ಟೆಂಡರ್ ಪ್ರಕಟಿಸುವ ದಿನಾಂಕ: 03-10-2024 ಸಮಯ 5.10 ಕ್ಕೆ 2.ಟೆಂಡರ್ ಸಲ್ಲಿಸಲು ಕೊನೆಯ ದಿನಾಂಕ: 04-10-2024 ಸಮಯ 4:30 ಕ್ಕೆ ತಾಂತ್ರಿಕ ಬಿಡ್ ತೆರೆಯುವ ದಿನಾಂಕ
ಕಾಮಗಾರಿ ವಿವರ: 01.Construction of Cross drain near chai tea shop at ward no 15 andnear puttaraj gavayi music class ward no 07 and siddeshwara badavane at ward no 09 in hosapete city ಅಂದಾಜು ಮೊತ್ತ: 3.78 ಇ.ಎಂ.ಡಿ: 9250.00 02.Laying UPVC line Behind fire office from maruthi house to anganwadi school at ward no 31 in hosapete city ಅಂದಾಜು ಮೊತ್ತ: 3.58 ಇ.ಎಂ.ಡಿ: 8950.00 03.Repair of Leprosy houses at ward no 21 in Hosapete City ಅಂದಾಜು ಮೊತ್ತ: 2.43 ಇ.ಎಂ.ಡಿ: 6075.00 04.Fixing and installingthe corrugated sheets in leporsy asharama at ward no 21 for 3 houses in Hosapete city ಅಂದಾಜು ಮೊತ್ತ: 4.98 ಇ.ಎಂ.ಡಿ: 12450.00 05.Fixing and installing the corrugated sheets in Leporsy Asharama at ward no.21 in Hosapete City ಅಂದಾಜು ಮೊತ್ತ: 4.98 ಇ.ಎಂ.ಡಿ: 12450.00 06.Construction of CD in Hulegamma temple, Anganavadi, Ashraya Colony, Sai colony, Bypass Road and Beside canal at ward No.21 in hosapete city ಅಂದಾಜು ಮೊತ್ತ: 3.90 ಇ.ಎಂ.ಡಿ: 9750.00 07.Excavation and filling of pipeline trenches at mehaboob nagar, venugopal temple patel nagar, station road 88 Mudlapur, RC colony, Vijay talkies, Siddalingappa chowki, SR Nagar, Sanklapur, Jambunath road, Balaji Badavane, PDIT College road Ranipete B T R Nagar and Chapalagadde in Hosapete City ಅಂದಾಜು ಮೊತ್ತ: 3.75 ಇ.ಎಂ.ಡಿ: 9375.00 08.Excavation and filling of pipeline trenches at JP nagar, Ananthashayana gudi MP Prakash Nagar, MJ nagar AC office road, dam road, dress Camp nishani camp, vivekanand nagar, Valmiki circle, Eshwar nagar bellary road, ITI college, Chittawadgi, Basavesh Badavane, sirsinakkalu yelavara Oni, Rajaji nagar, anjuman shadi hall back side, sadhana colony and Sai colony in hosapete city ಅಂದಾಜು ಮೊತ್ತ: 3.75 ಇ.ಎಂ.ಡಿ: 9375.00 09.Laying Gravel in D C Office, Dam Road, indira canteen, Jambunath Road, Chittawadgi, Ananthashayana gudi, Phool bun School VNC Ground, Nagappa katte, court in Hosapete City ಅಂದಾಜು ಮೊತ್ತ: 3.50 ಇ.ಎಂ.ಡಿ: 8750.00 10.Construction of CC road from Sanakki gopal home to 2nd cross (opposite reliance petrol pump) in ward no 31 in hosapete city ಅಂದಾಜು ಮೊತ್ತ: 1.11 ಇ.ಎಂ.ಡಿ: 2775.00 11.Providing Balance sewer net work ( ward no 19) Behind Pandurnaga temple to HOSAPETE CITY. ಅಂದಾಜು ಮೊತ್ತ: 1.85 ಇ.ಎಂ.ಡಿ: 4625.00
ಟೆಂಡರ್ ಷರತ್ತುಗಳು ಹಾಗೂ ಇತರೆ ವಿವರಗಳನ್ನು ಇ-ಪ್ರೊಕ್ಯೂರ್‌ಮೆಂಟ್ ವೆಬ್‌ಸೈಟ್‌ನಲ್ಲಿ ಪಡೆಯಬಹುದಾಗಿದೆ. ಹೆಚ್ಚಿನ ಮಾಹಿತಿಗಾಗಿ ಕಚೇರಿ ವೇಳೆಯಲ್ಲಿ ಸಂಪರ್ಕಿಸಬಹುದು.
ಸಹಿ/-ಸಹಾಯಕ ಕಾರ್ಯನಿರ್ವಾಹಕ ಅಭಿಯಂತರರು, ನಗರಸಭೆ ಹೊಸಪೇಟೆ
ವಾ.ಸಾ.ಇ/ಉ/ವಿಜಯನಗರ/2024-25/ ಕೆಎಂಸಿಆರ್‌ಪಿ/ಆರ್.ಒ.ನಂ/267
ಸಹಿ/-ಪೌರಾಯುಕ್ತರು, ನಗರಸಭೆ ಹೊಸಪೇಟೆ
ನಾಗೇನಹಳ್ಳಿಗೆ ಪ್ರೌಢಶಾಲೆ ಮಂಜೂರಿಗೆ:
ಎಸ್‌ಡಿಎಂಸಿ ವತಿಯಿಂದ ಮನವಿ
ಹೊಸಪೇಟೆ ಟೈಮ್ಸ್ ನ್ಯೂಸ್
ವಿಜಯನಗರ(ಹೊಸಪೇಟೆ): ನಾಗೇನಹಳ್ಳಿ ಗ್ರಾಮಕ್ಕೆ ಪ್ರೌಢಶಾಲೆ ಮಂಜೂರು ಮಾಡಲು ಶಾಲಾ ಶಿಕ್ಷಣ ಇಲಾಖೆಯ ಉಪನಿರ್ದೇಶಕರನ್ನು ನಾಗೇನಹಳ್ಳಿ ಸರ್ಕಾರಿ ಹಿರಿಯ ಪ್ರಾಥಮಿಕ ಶಾಲೆಯ ಎಸ್‌ಡಿಎಂಸಿ ವತಿಯಿಂದ ಮನವಿ ಸಲ್ಲಿಸಲಾಯಿತು. ಈ ಗ್ರಾಮದಿಂದ ಪ್ರತಿದಿನ ನೂರಾರು ವಿದ್ಯಾರ್ಥಿಗಳು ಹೊಸಪೇಟೆ ನಗರಕ್ಕೆ ಪ್ರೌಢಶಿಕ್ಷಣಕ್ಕಾಗಿ ತೆರಳುತ್ತಿದ್ದು, ಸಾರಿಗೆ ಸಮಸ್ಯೆ ಹಾಗೂ ಇತರೆ ತೊಂದರೆಗಳನ್ನು ಅನುಭವಿಸುತ್ತಿದ್ದಾರೆ. ಈ ಸಂದರ್ಭದಲ್ಲಿ ಎಸ್‌ಡಿಎಂಸಿ ಅಧ್ಯಕ್ಷ ಡಿ.ವಿಜಯ ಕುಮಾರ್, ಸದಸ್ಯರಾದ ಕೆ.ಅಬ್ದುಲ್, ಪಂಪಾಪತಿ, ಸಿಂಗಪ್ಪ ಮುಂತಾದವರು ಉಪಸ್ಥಿತರಿದ್ದರು.
ಹಿಂದುಳಿದ ವರ್ಗಗಳ ಕಲ್ಯಾಣ ಇಲಾಖೆ;
ಅರ್ಜಿ ಸಲ್ಲಿಸುವ ಅವಧಿ ವಿಸ್ತರಣೆ
ಹೊಸಪೇಟೆ ಟೈಮ್ಸ್ ನ್ಯೂಸ್
ಬಳ್ಳಾರಿ: ಮೆಟ್ರಿಕ್ ನಂತರದ ಕೋರ್ಸುಗಳಲ್ಲಿ ವ್ಯಾಸಂಗ ಮಾಡುತ್ತಿರುವ ಹಿಂದುಳಿದ ವರ್ಗಗಳ ವಿದ್ಯಾರ್ಥಿಗಳು ಹಾಗೂ ಪ್ರವರ್ಗ-1ರ ಅಲೆಮಾರಿ, ಅರೆ ಅಲೆಮಾರಿ ವಿದ್ಯಾರ್ಥಿಗಳಿಂದ, ಪ್ರಸಕ್ತ ಸಾಲಿನ ಹಿಂದುಳಿದ ವರ್ಗಗಳ ಕಲ್ಯಾಣ ಇಲಾಖೆಯ ಮೂಲಕ ನೀಡಲಾಗುತ್ತಿರುವ ಮೆಟ್ರಿಕ್ ನಂತರದ ವಿದ್ಯಾರ್ಥಿ ವೇತನ, ಶುಲ್ಕ ಮರುಪಾವತಿ, ವಿದ್ಯಾಸಿರಿ-ಊಟ ಮತ್ತು ವಸತಿ ಸಹಾಯ ಯೋಜನೆಗೆ ಸೌಲಭ್ಯಕ್ಕಾಗಿ ಈಗಾಗಲೇ ಆನ್‌ಲೈನ್ ಮೂಲಕ ಅರ್ಜಿ ಆಹ್ವಾನಿಸಲಾಗಿತ್ತು. ಅರ್ಜಿ ಸಲ್ಲಿಸುವ ಅವಧಿಯನ್ನು ಅಕ್ಟೋಬರ್ 15ರ ವರೆಗೆ ವಿಸ್ತರಿಸಲಾಗಿದೆ ಎಂದು ಜಿಲ್ಲಾ ಹಿಂದುಳಿದ ವರ್ಗಗಳ ಕಲ್ಯಾಣಾಧಿಕಾರಿ ಎಸ್.ಜಿ.ಅಂಜನಪ್ಪ ಅವರು ತಿಳಿಸಿದ್ದಾರೆ. ವಿದ್ಯಾರ್ಥಿಗಳು ಇಲಾಖೆಯ ವೆಬ್‌ಸೈಟ್ ssp.postmatric.karnataka.gov.in ಲಿಂಕ್ ಮುಖಾಂತರ ಅರ್ಜಿ ಸಲ್ಲಿಸಬಹುದು. ಅರ್ಜಿ ಸಲ್ಲಿಸಲು ದಿನಾಂಕವನ್ನು ವಿಸ್ತರಿಸಲಾಗಿದ್ದು ಹೊಸದಾಗಿ, ವಿದ್ಯಾರ್ಥಿಗಳು, ಶಿಕ್ಷಣ ಸಂಸ್ಥೆಗಳು ಅರ್ಜಿಗಳನ್ನು ಸಲ್ಲಿಸಿದ್ದು, ವಿದ್ಯಾರ್ಥಿಗಳು ಕೊನೆಯ ದಿನಾಂಕದವರೆಗೆ ಕಾಯದೆ ತ್ವರಿತವಾಗಿ ಅರ್ಜಿ ಸಲ್ಲಿಸಲು ಸೂಚಿಸಲಾಗಿದೆ. ಹೆಚ್ಚಿನ ಮಾಹಿತಿಗಾಗಿ ಇಲಾಖಾ ಸಹಾಯವಾಣಿ ಸಂಖ್ಯೆ 8050770005 ಅಥವಾ ಇ-ಮೇಲ್ bcwdhelpline@gmail.com ಗೆ ಸಂಪರ್ಕಿಸಬಹುದು ಎಂದು ತಿಳಿಸಿದ್ದಾರೆ.
OWNER , PUBLISHER & PRINTER K. M. REKHA PUBLISHED AT HOSPET TIMES, APOORVA OFFSET PRINTERS , SACHIDANAND LANE , MAIN BAZAR , HOSAPETE , BALLARI & PRINTED AT APOORVA OFFSET PRINTERS ,
SACHIDANAND LANE , MAIN BAZAR , HOSAPETE , BALLARI , EDITOR K. M. REKHA. EMAIL : hospettimes@gmail.com, Mob No 94484 41484.
